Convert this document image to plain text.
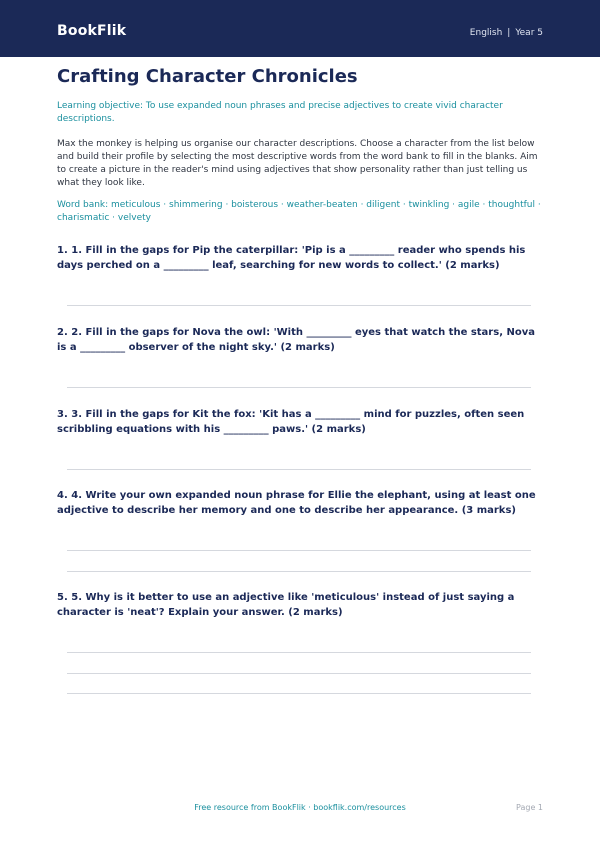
BookFlik	English | Year 5
Crafting Character Chronicles
Learning objective: To use expanded noun phrases and precise adjectives to create vivid character descriptions.
Max the monkey is helping us organise our character descriptions. Choose a character from the list below and build their profile by selecting the most descriptive words from the word bank to fill in the blanks. Aim to create a picture in the reader's mind using adjectives that show personality rather than just telling us what they look like.
Word bank: meticulous · shimmering · boisterous · weather-beaten · diligent · twinkling · agile · thoughtful · charismatic · velvety
1. 1. Fill in the gaps for Pip the caterpillar: 'Pip is a _________ reader who spends his days perched on a _________ leaf, searching for new words to collect.' (2 marks)
2. 2. Fill in the gaps for Nova the owl: 'With _________ eyes that watch the stars, Nova is a _________ observer of the night sky.' (2 marks)
3. 3. Fill in the gaps for Kit the fox: 'Kit has a _________ mind for puzzles, often seen scribbling equations with his _________ paws.' (2 marks)
4. 4. Write your own expanded noun phrase for Ellie the elephant, using at least one adjective to describe her memory and one to describe her appearance. (3 marks)
5. 5. Why is it better to use an adjective like 'meticulous' instead of just saying a character is 'neat'? Explain your answer. (2 marks)
Free resource from BookFlik · bookflik.com/resources	Page 1
